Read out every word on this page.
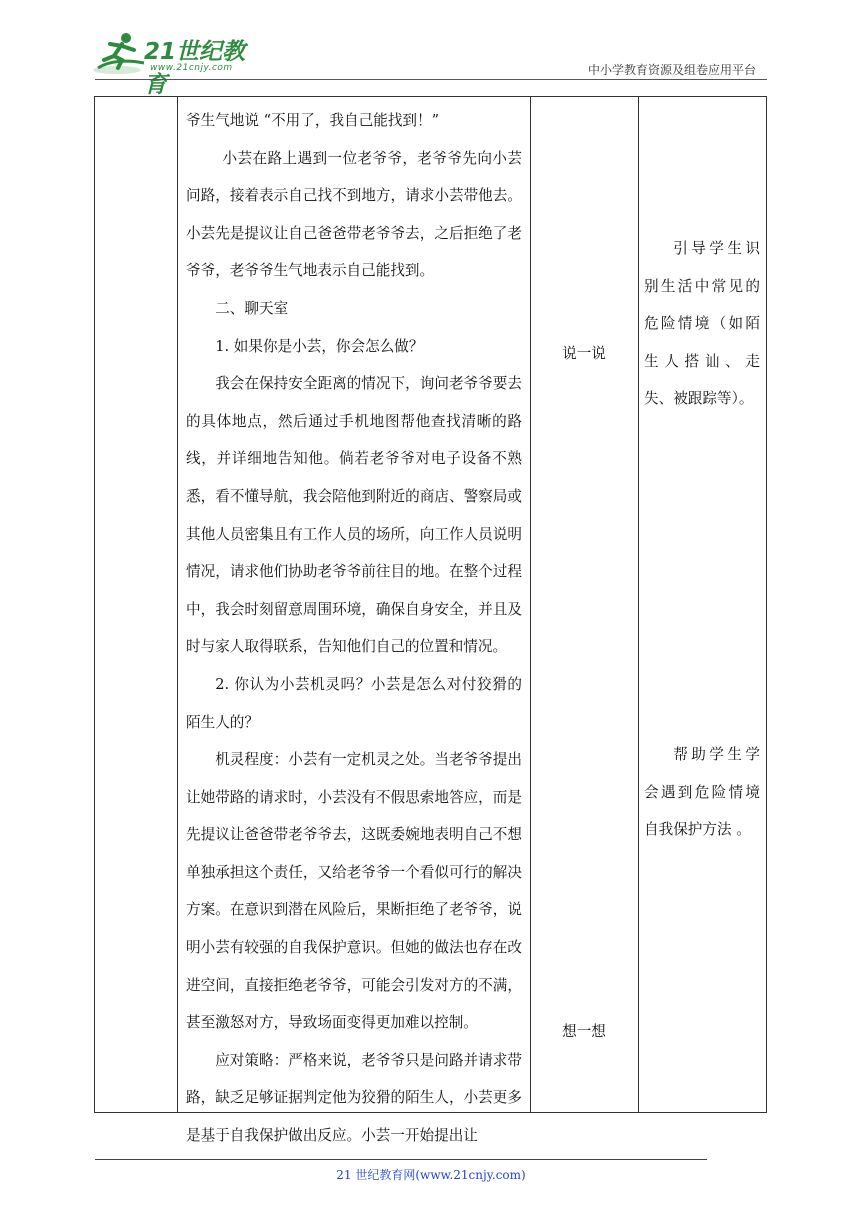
21世纪教育
www.21cnjy.com	中小学教育资源及组卷应用平台

爷生气地说 “不用了，我自己能找到！”

小芸在路上遇到一位老爷爷，老爷爷先向小芸问路，接着表示自己找不到地方，请求小芸带他去。小芸先是提议让自己爸爸带老爷爷去，之后拒绝了老爷爷，老爷爷生气地表示自己能找到。

二、聊天室

1. 如果你是小芸，你会怎么做？

我会在保持安全距离的情况下，询问老爷爷要去的具体地点，然后通过手机地图帮他查找清晰的路线，并详细地告知他。倘若老爷爷对电子设备不熟悉，看不懂导航，我会陪他到附近的商店、警察局或其他人员密集且有工作人员的场所，向工作人员说明情况，请求他们协助老爷爷前往目的地。在整个过程中，我会时刻留意周围环境，确保自身安全，并且及时与家人取得联系，告知他们自己的位置和情况。

2. 你认为小芸机灵吗？小芸是怎么对付狡猾的陌生人的？

机灵程度：小芸有一定机灵之处。当老爷爷提出让她带路的请求时，小芸没有不假思索地答应，而是先提议让爸爸带老爷爷去，这既委婉地表明自己不想单独承担这个责任，又给老爷爷一个看似可行的解决方案。在意识到潜在风险后，果断拒绝了老爷爷，说明小芸有较强的自我保护意识。但她的做法也存在改进空间，直接拒绝老爷爷，可能会引发对方的不满，甚至激怒对方，导致场面变得更加难以控制。

应对策略：严格来说，老爷爷只是问路并请求带路，缺乏足够证据判定他为狡猾的陌生人，小芸更多是基于自我保护做出反应。小芸一开始提出让

说一说
想一想

引导学生识别生活中常见的危险情境（如陌生人搭讪、走失、被跟踪等）。

帮助学生学会遇到危险情境自我保护方法 。

21 世纪教育网(www.21cnjy.com)
